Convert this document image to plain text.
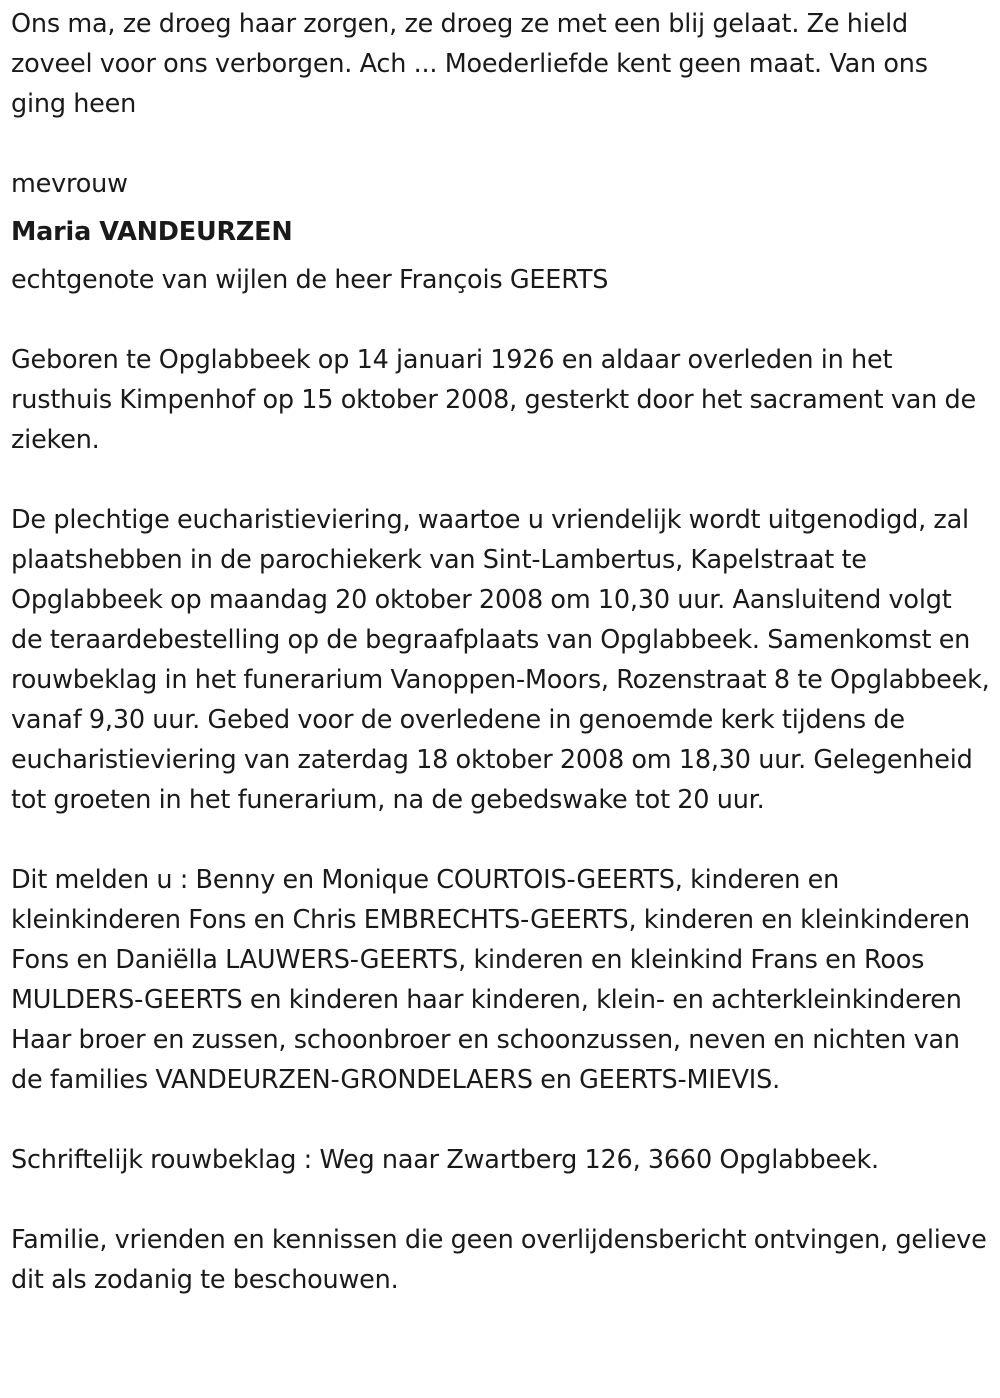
Ons ma, ze droeg haar zorgen, ze droeg ze met een blij gelaat. Ze hield zoveel voor ons verborgen. Ach ... Moederliefde kent geen maat. Van ons ging heen

mevrouw

Maria VANDEURZEN

echtgenote van wijlen de heer François GEERTS

Geboren te Opglabbeek op 14 januari 1926 en aldaar overleden in het rusthuis Kimpenhof op 15 oktober 2008, gesterkt door het sacrament van de zieken.

De plechtige eucharistieviering, waartoe u vriendelijk wordt uitgenodigd, zal plaatshebben in de parochiekerk van Sint-Lambertus, Kapelstraat te Opglabbeek op maandag 20 oktober 2008 om 10,30 uur. Aansluitend volgt de teraardebestelling op de begraafplaats van Opglabbeek. Samenkomst en rouwbeklag in het funerarium Vanoppen-Moors, Rozenstraat 8 te Opglabbeek, vanaf 9,30 uur. Gebed voor de overledene in genoemde kerk tijdens de eucharistieviering van zaterdag 18 oktober 2008 om 18,30 uur. Gelegenheid tot groeten in het funerarium, na de gebedswake tot 20 uur.

Dit melden u : Benny en Monique COURTOIS-GEERTS, kinderen en kleinkinderen Fons en Chris EMBRECHTS-GEERTS, kinderen en kleinkinderen Fons en Daniëlla LAUWERS-GEERTS, kinderen en kleinkind Frans en Roos MULDERS-GEERTS en kinderen haar kinderen, klein- en achterkleinkinderen Haar broer en zussen, schoonbroer en schoonzussen, neven en nichten van de families VANDEURZEN-GRONDELAERS en GEERTS-MIEVIS.

Schriftelijk rouwbeklag : Weg naar Zwartberg 126, 3660 Opglabbeek.

Familie, vrienden en kennissen die geen overlijdensbericht ontvingen, gelieve dit als zodanig te beschouwen.
